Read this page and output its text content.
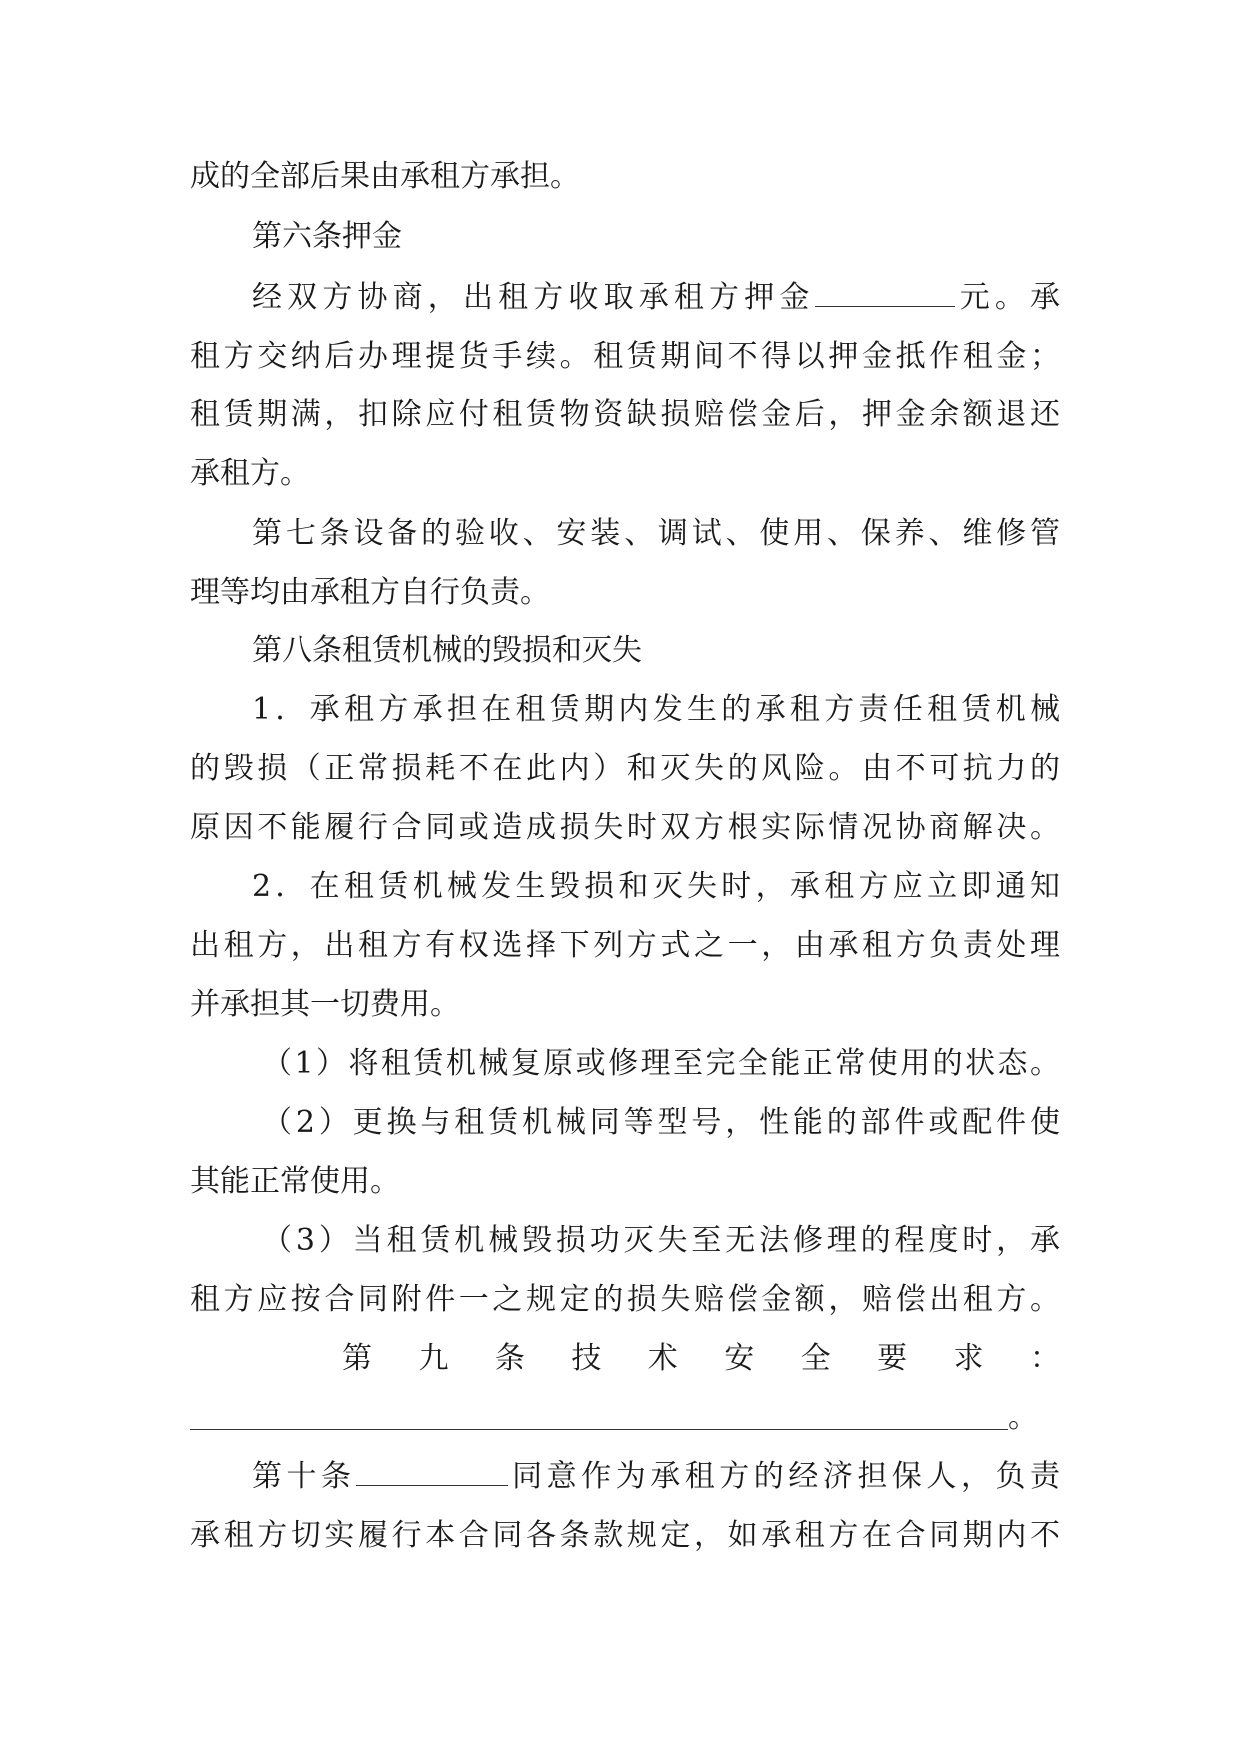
成的全部后果由承租方承担。
第六条押金
经双方协商，出租方收取承租方押金	元。承
租方交纳后办理提货手续。租赁期间不得以押金抵作租金；
租赁期满，扣除应付租赁物资缺损赔偿金后，押金余额退还
承租方。
第七条设备的验收、安装、调试、使用、保养、维修管
理等均由承租方自行负责。
第八条租赁机械的毁损和灭失
1．承租方承担在租赁期内发生的承租方责任租赁机械
的毁损（正常损耗不在此内）和灭失的风险。由不可抗力的
原因不能履行合同或造成损失时双方根实际情况协商解决。
2．在租赁机械发生毁损和灭失时，承租方应立即通知
出租方，出租方有权选择下列方式之一，由承租方负责处理
并承担其一切费用。
（1）将租赁机械复原或修理至完全能正常使用的状态。
（2）更换与租赁机械同等型号，性能的部件或配件使
其能正常使用。
（3）当租赁机械毁损功灭失至无法修理的程度时，承
租方应按合同附件一之规定的损失赔偿金额，赔偿出租方。
第 九 条 技 术 安 全 要 求 ：
。
第十条	同意作为承租方的经济担保人，负责
承租方切实履行本合同各条款规定，如承租方在合同期内不
